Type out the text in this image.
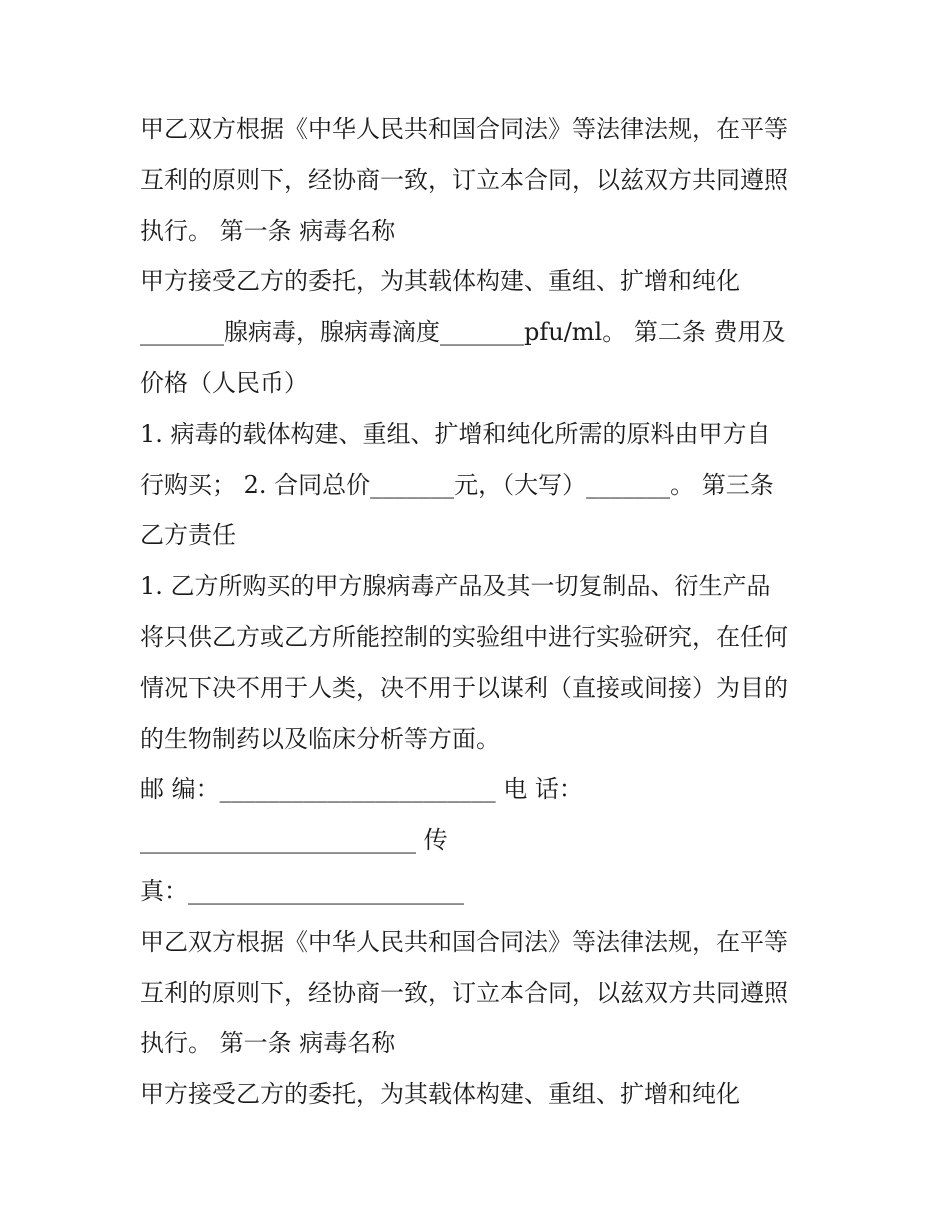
甲乙双方根据《中华人民共和国合同法》等法律法规，在平等
互利的原则下，经协商一致，订立本合同，以兹双方共同遵照
执行。 第一条 病毒名称
甲方接受乙方的委托，为其载体构建、重组、扩增和纯化
_______腺病毒，腺病毒滴度_______pfu/ml。 第二条 费用及
价格（人民币）
1. 病毒的载体构建、重组、扩增和纯化所需的原料由甲方自
行购买； 2. 合同总价_______元，（大写）_______。 第三条
乙方责任
1. 乙方所购买的甲方腺病毒产品及其一切复制品、衍生产品
将只供乙方或乙方所能控制的实验组中进行实验研究，在任何
情况下决不用于人类，决不用于以谋利（直接或间接）为目的
的生物制药以及临床分析等方面。
邮 编：_______________________ 电 话：
_______________________ 传
真：_______________________
甲乙双方根据《中华人民共和国合同法》等法律法规，在平等
互利的原则下，经协商一致，订立本合同，以兹双方共同遵照
执行。 第一条 病毒名称
甲方接受乙方的委托，为其载体构建、重组、扩增和纯化
